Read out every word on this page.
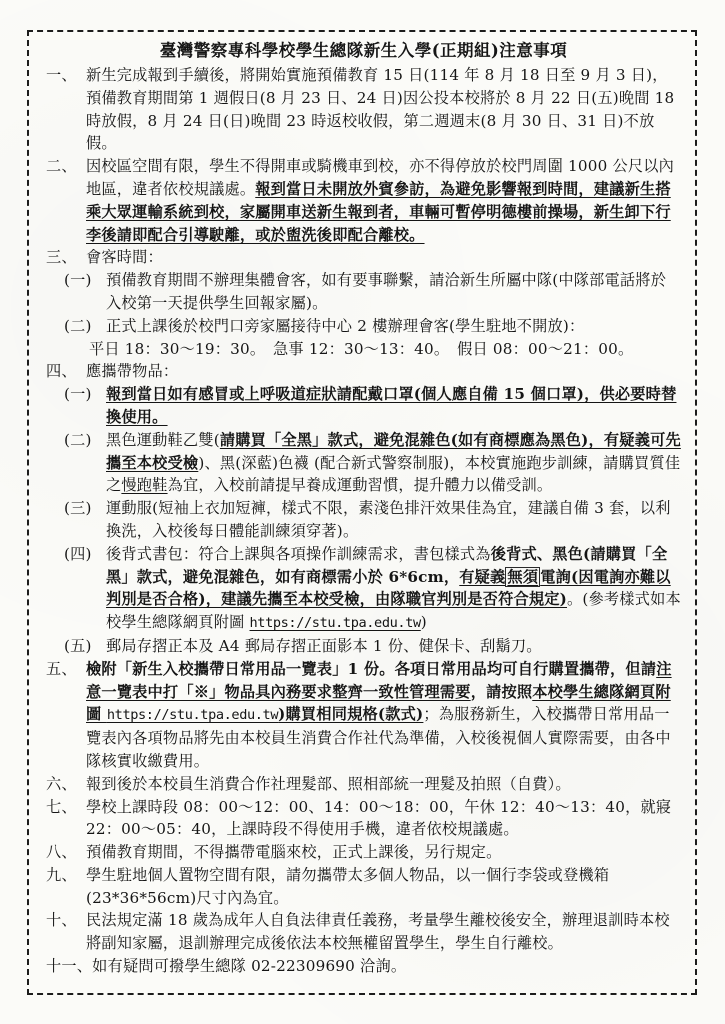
臺灣警察專科學校學生總隊新生入學(正期組)注意事項
一、 新生完成報到手續後，將開始實施預備教育 15 日(114 年 8 月 18 日至 9 月 3 日)，預備教育期間第 1 週假日(8 月 23 日、24 日)因公投本校將於 8 月 22 日(五)晚間 18 時放假，8 月 24 日(日)晚間 23 時返校收假，第二週週末(8 月 30 日、31 日)不放假。
二、 因校區空間有限，學生不得開車或騎機車到校，亦不得停放於校門周圍 1000 公尺以內地區，違者依校規議處。報到當日未開放外賓參訪，為避免影響報到時間，建議新生搭乘大眾運輸系統到校，家屬開車送新生報到者，車輛可暫停明德樓前操場，新生卸下行李後請即配合引導駛離，或於盥洗後即配合離校。
三、 會客時間：
(一) 預備教育期間不辦理集體會客，如有要事聯繫，請洽新生所屬中隊(中隊部電話將於入校第一天提供學生回報家屬)。
(二) 正式上課後於校門口旁家屬接待中心 2 樓辦理會客(學生駐地不開放)：
平日 18：30～19：30。　急事 12：30～13：40。　假日 08：00～21：00。
四、 應攜帶物品：
(一) 報到當日如有感冒或上呼吸道症狀請配戴口罩(個人應自備 15 個口罩)，供必要時替換使用。
(二) 黑色運動鞋乙雙(請購買「全黑」款式，避免混雜色(如有商標應為黑色)，有疑義可先攜至本校受檢)、黑(深藍)色襪 (配合新式警察制服)，本校實施跑步訓練，請購買質佳之慢跑鞋為宜，入校前請提早養成運動習慣，提升體力以備受訓。
(三) 運動服(短袖上衣加短褲，樣式不限，素淺色排汗效果佳為宜，建議自備 3 套，以利換洗，入校後每日體能訓練須穿著)。
(四) 後背式書包：符合上課與各項操作訓練需求，書包樣式為後背式、黑色(請購買「全黑」款式，避免混雜色，如有商標需小於 6*6cm，有疑義 無須 電詢(因電詢亦難以判別是否合格)，建議先攜至本校受檢，由隊職官判別是否符合規定)。(參考樣式如本校學生總隊網頁附圖 https://stu.tpa.edu.tw)
(五) 郵局存摺正本及 A4 郵局存摺正面影本 1 份、健保卡、刮鬍刀。
五、 檢附「新生入校攜帶日常用品一覽表」1 份。各項日常用品均可自行購置攜帶，但請注意一覽表中打「※」物品具內務要求整齊一致性管理需要，請按照本校學生總隊網頁附圖 https://stu.tpa.edu.tw)購買相同規格(款式)；為服務新生，入校攜帶日常用品一覽表內各項物品將先由本校員生消費合作社代為準備，入校後視個人實際需要，由各中隊核實收繳費用。
六、 報到後於本校員生消費合作社理髮部、照相部統一理髮及拍照（自費）。
七、 學校上課時段 08：00～12：00、14：00～18：00，午休 12：40～13：40，就寢 22：00～05：40，上課時段不得使用手機，違者依校規議處。
八、 預備教育期間，不得攜帶電腦來校，正式上課後，另行規定。
九、 學生駐地個人置物空間有限，請勿攜帶太多個人物品，以一個行李袋或登機箱(23*36*56cm)尺寸內為宜。
十、 民法規定滿 18 歲為成年人自負法律責任義務，考量學生離校後安全，辦理退訓時本校將副知家屬，退訓辦理完成後依法本校無權留置學生，學生自行離校。
十一、 如有疑問可撥學生總隊 02-22309690 洽詢。
